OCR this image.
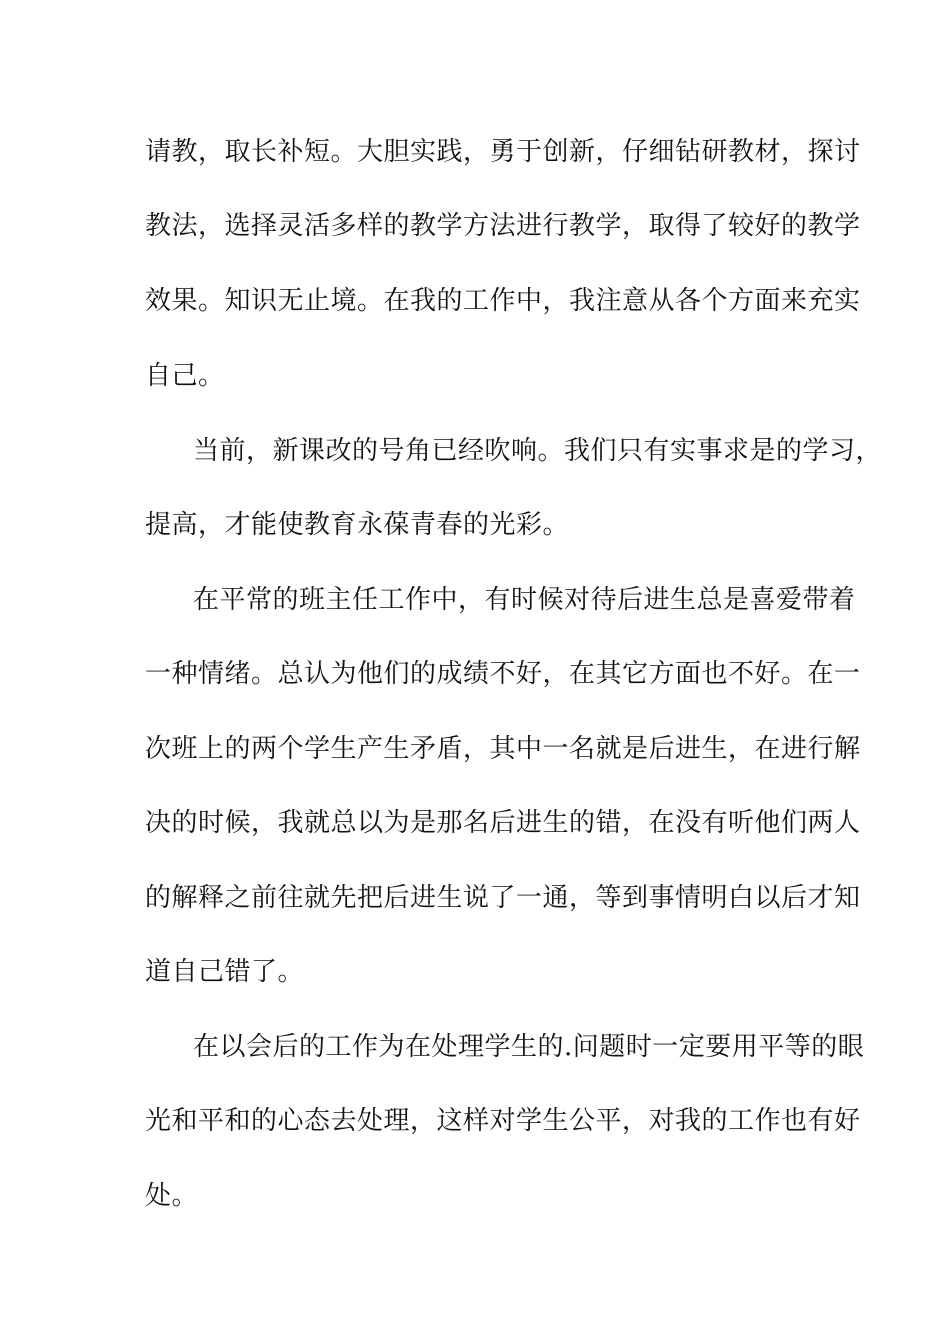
请教，取长补短。大胆实践，勇于创新，仔细钻研教材，探讨
教法，选择灵活多样的教学方法进行教学，取得了较好的教学
效果。知识无止境。在我的工作中，我注意从各个方面来充实
自己。
当前，新课改的号角已经吹响。我们只有实事求是的学习，
提高，才能使教育永葆青春的光彩。
在平常的班主任工作中，有时候对待后进生总是喜爱带着
一种情绪。总认为他们的成绩不好，在其它方面也不好。在一
次班上的两个学生产生矛盾，其中一名就是后进生，在进行解
决的时候，我就总以为是那名后进生的错，在没有听他们两人
的解释之前往就先把后进生说了一通，等到事情明白以后才知
道自己错了。
在以会后的工作为在处理学生的.问题时一定要用平等的眼
光和平和的心态去处理，这样对学生公平，对我的工作也有好
处。
